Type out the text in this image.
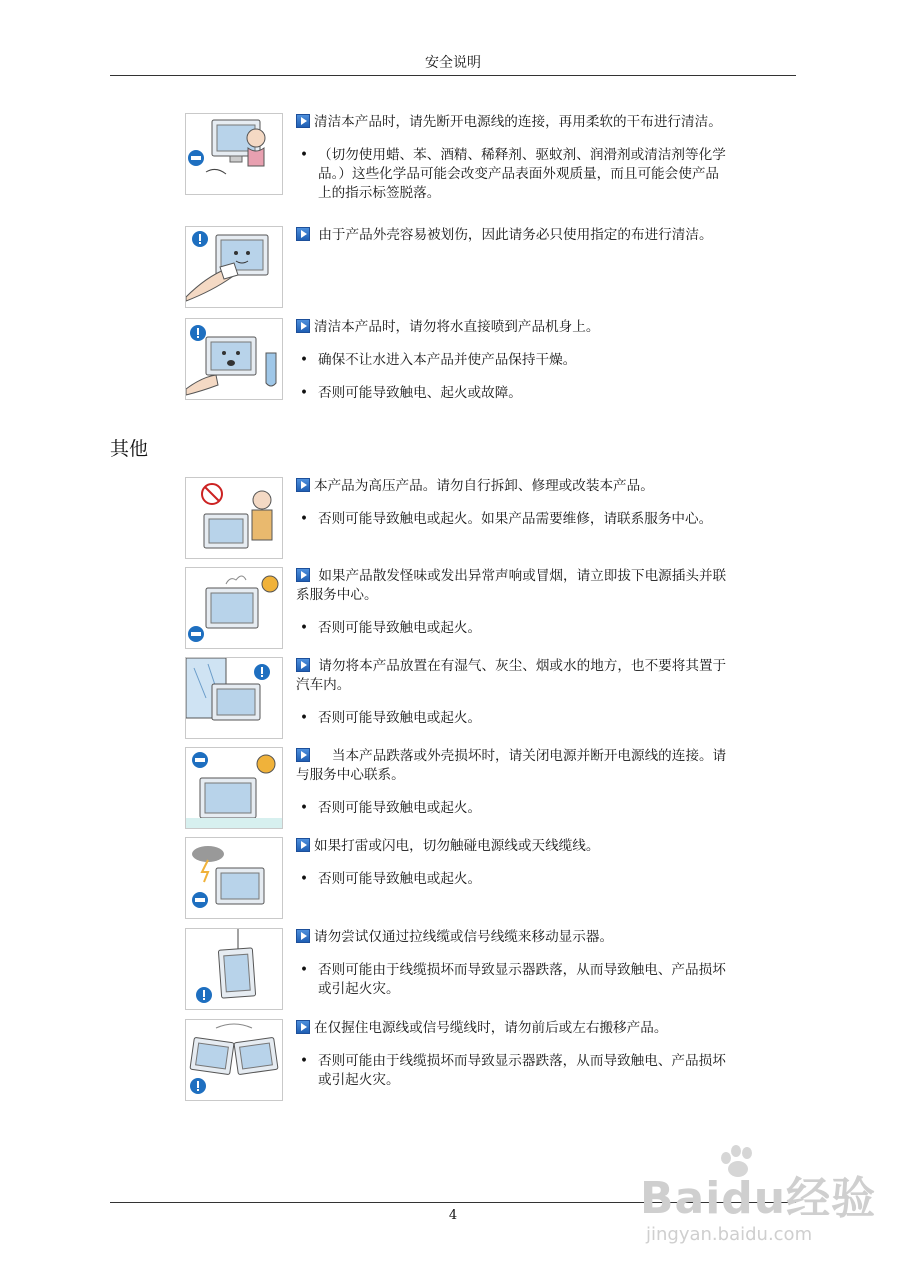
安全说明

清洁本产品时，请先断开电源线的连接，再用柔软的干布进行清洁。

• （切勿使用蜡、苯、酒精、稀释剂、驱蚊剂、润滑剂或清洁剂等化学品。）这些化学品可能会改变产品表面外观质量，而且可能会使产品上的指示标签脱落。

由于产品外壳容易被划伤，因此请务必只使用指定的布进行清洁。

清洁本产品时，请勿将水直接喷到产品机身上。

• 确保不让水进入本产品并使产品保持干燥。

• 否则可能导致触电、起火或故障。

其他

本产品为高压产品。请勿自行拆卸、修理或改装本产品。

• 否则可能导致触电或起火。如果产品需要维修，请联系服务中心。

如果产品散发怪味或发出异常声响或冒烟，请立即拔下电源插头并联系服务中心。

• 否则可能导致触电或起火。

请勿将本产品放置在有湿气、灰尘、烟或水的地方，也不要将其置于汽车内。

• 否则可能导致触电或起火。

　 当本产品跌落或外壳损坏时，请关闭电源并断开电源线的连接。请与服务中心联系。

• 否则可能导致触电或起火。

如果打雷或闪电，切勿触碰电源线或天线缆线。

• 否则可能导致触电或起火。

请勿尝试仅通过拉线缆或信号线缆来移动显示器。

• 否则可能由于线缆损坏而导致显示器跌落，从而导致触电、产品损坏或引起火灾。

在仅握住电源线或信号缆线时，请勿前后或左右搬移产品。

• 否则可能由于线缆损坏而导致显示器跌落，从而导致触电、产品损坏或引起火灾。

4	Baidu经验
jingyan.baidu.com
